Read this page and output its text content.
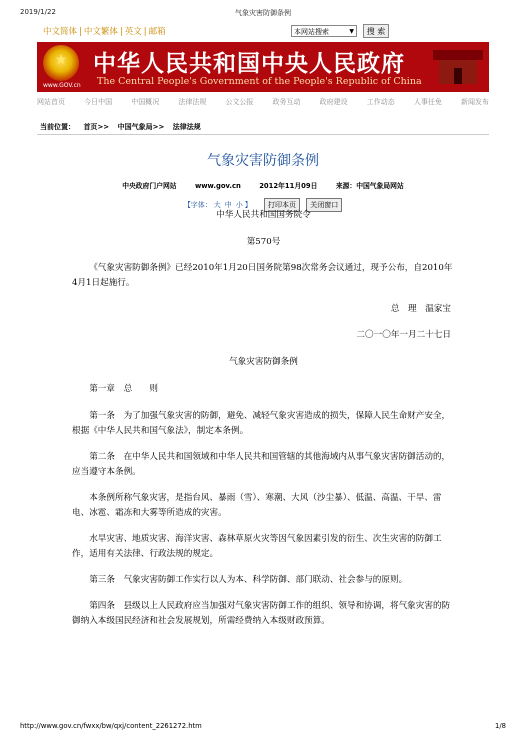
2019/1/22	气象灾害防御条例
中文简体 | 中文繁体 | 英文 | 邮箱	本网站搜索	▼	搜 索
★	中华人民共和国中央人民政府
The Central People's Government of the People's Republic of China
www.GOV.cn
网站首页	今日中国	中国概况	法律法规	公文公报	政务互动	政府建设	工作动态	人事任免	新闻发布
当前位置： 首页>> 中国气象局>> 法律法规
气象灾害防御条例
中央政府门户网站	www.gov.cn	2012年11月09日	来源：中国气象局网站
【字体： 大 中 小 】 打印本页 关闭窗口

中华人民共和国国务院令

第570号

《气象灾害防御条例》已经2010年1月20日国务院第98次常务会议通过，现予公布，自2010年4月1日起施行。

总　理　温家宝

二〇一〇年一月二十七日

气象灾害防御条例

第一章　总　　则

第一条　为了加强气象灾害的防御，避免、减轻气象灾害造成的损失，保障人民生命财产安全，根据《中华人民共和国气象法》，制定本条例。

第二条　在中华人民共和国领域和中华人民共和国管辖的其他海域内从事气象灾害防御活动的，应当遵守本条例。

本条例所称气象灾害，是指台风、暴雨（雪）、寒潮、大风（沙尘暴）、低温、高温、干旱、雷电、冰雹、霜冻和大雾等所造成的灾害。

水旱灾害、地质灾害、海洋灾害、森林草原火灾等因气象因素引发的衍生、次生灾害的防御工作，适用有关法律、行政法规的规定。

第三条　气象灾害防御工作实行以人为本、科学防御、部门联动、社会参与的原则。

第四条　县级以上人民政府应当加强对气象灾害防御工作的组织、领导和协调，将气象灾害的防御纳入本级国民经济和社会发展规划，所需经费纳入本级财政预算。

http://www.gov.cn/fwxx/bw/qxj/content_2261272.htm	1/8
